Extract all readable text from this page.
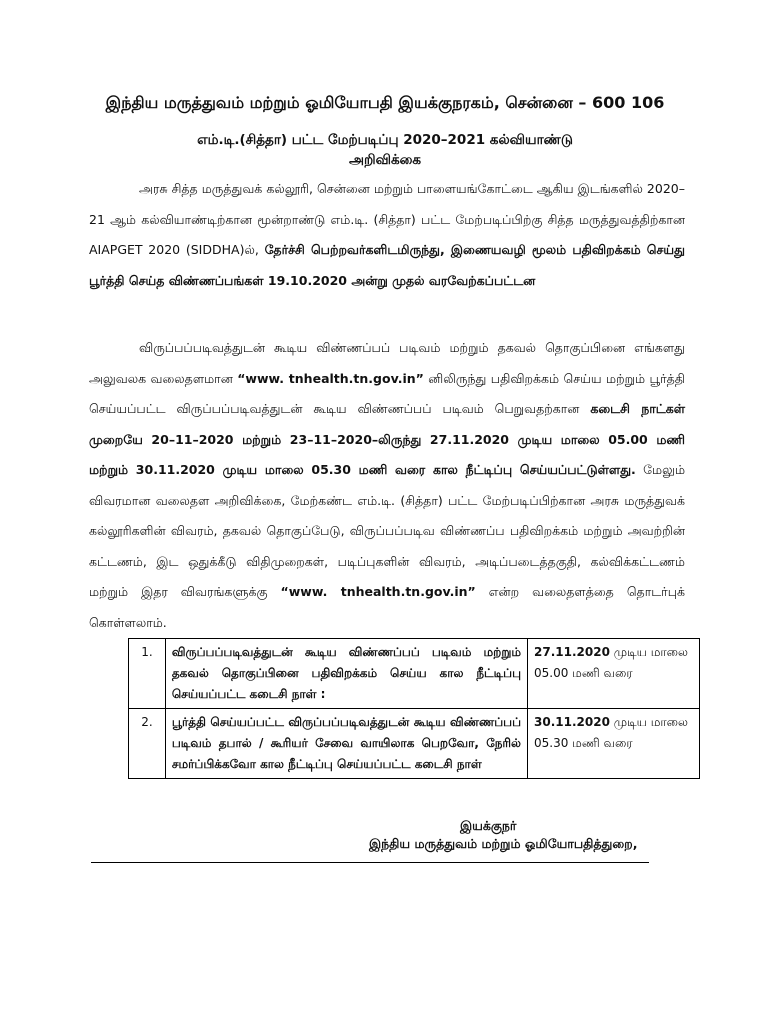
இந்திய மருத்துவம் மற்றும் ஓமியோபதி இயக்குநரகம், சென்னை – 600 106
எம்.டி.(சித்தா) பட்ட மேற்படிப்பு 2020–2021 கல்வியாண்டு
அறிவிக்கை
அரசு சித்த மருத்துவக் கல்லூரி, சென்னை மற்றும் பாளையங்கோட்டை ஆகிய இடங்களில் 2020–21 ஆம் கல்வியாண்டிற்கான மூன்றாண்டு எம்.டி. (சித்தா) பட்ட மேற்படிப்பிற்கு சித்த மருத்துவத்திற்கான AIAPGET 2020 (SIDDHA)ல், தேர்ச்சி பெற்றவர்களிடமிருந்து, இணையவழி மூலம் பதிவிறக்கம் செய்து பூர்த்தி செய்த விண்ணப்பங்கள் 19.10.2020 அன்று முதல் வரவேற்கப்பட்டன
விருப்பப்படிவத்துடன் கூடிய விண்ணப்பப் படிவம் மற்றும் தகவல் தொகுப்பினை எங்களது அலுவலக வலைதளமான “www. tnhealth.tn.gov.in” னிலிருந்து பதிவிறக்கம் செய்ய மற்றும் பூர்த்தி செய்யப்பட்ட விருப்பப்படிவத்துடன் கூடிய விண்ணப்பப் படிவம் பெறுவதற்கான கடைசி நாட்கள் முறையே 20–11–2020 மற்றும் 23–11–2020–லிருந்து 27.11.2020 முடிய மாலை 05.00 மணி மற்றும் 30.11.2020 முடிய மாலை 05.30 மணி வரை கால நீட்டிப்பு செய்யப்பட்டுள்ளது. மேலும் விவரமான வலைதள அறிவிக்கை, மேற்கண்ட எம்.டி. (சித்தா) பட்ட மேற்படிப்பிற்கான அரசு மருத்துவக் கல்லூரிகளின் விவரம், தகவல் தொகுப்பேடு, விருப்பப்படிவ விண்ணப்ப பதிவிறக்கம் மற்றும் அவற்றின் கட்டணம், இட ஒதுக்கீடு விதிமுறைகள், படிப்புகளின் விவரம், அடிப்படைத்தகுதி, கல்விக்கட்டணம் மற்றும் இதர விவரங்களுக்கு “www. tnhealth.tn.gov.in” என்ற வலைதளத்தை தொடர்புக் கொள்ளலாம்.
1.	விருப்பப்படிவத்துடன் கூடிய விண்ணப்பப் படிவம் மற்றும் தகவல் தொகுப்பினை பதிவிறக்கம் செய்ய கால நீட்டிப்பு செய்யப்பட்ட கடைசி நாள் :	27.11.2020 முடிய மாலை 05.00 மணி வரை
2.	பூர்த்தி செய்யப்பட்ட விருப்பப்படிவத்துடன் கூடிய விண்ணப்பப் படிவம் தபால் / கூரியர் சேவை வாயிலாக பெறவோ, நேரில் சமர்ப்பிக்கவோ கால நீட்டிப்பு செய்யப்பட்ட கடைசி நாள்	30.11.2020 முடிய மாலை 05.30 மணி வரை
இயக்குநர்
இந்திய மருத்துவம் மற்றும் ஓமியோபதித்துறை,
